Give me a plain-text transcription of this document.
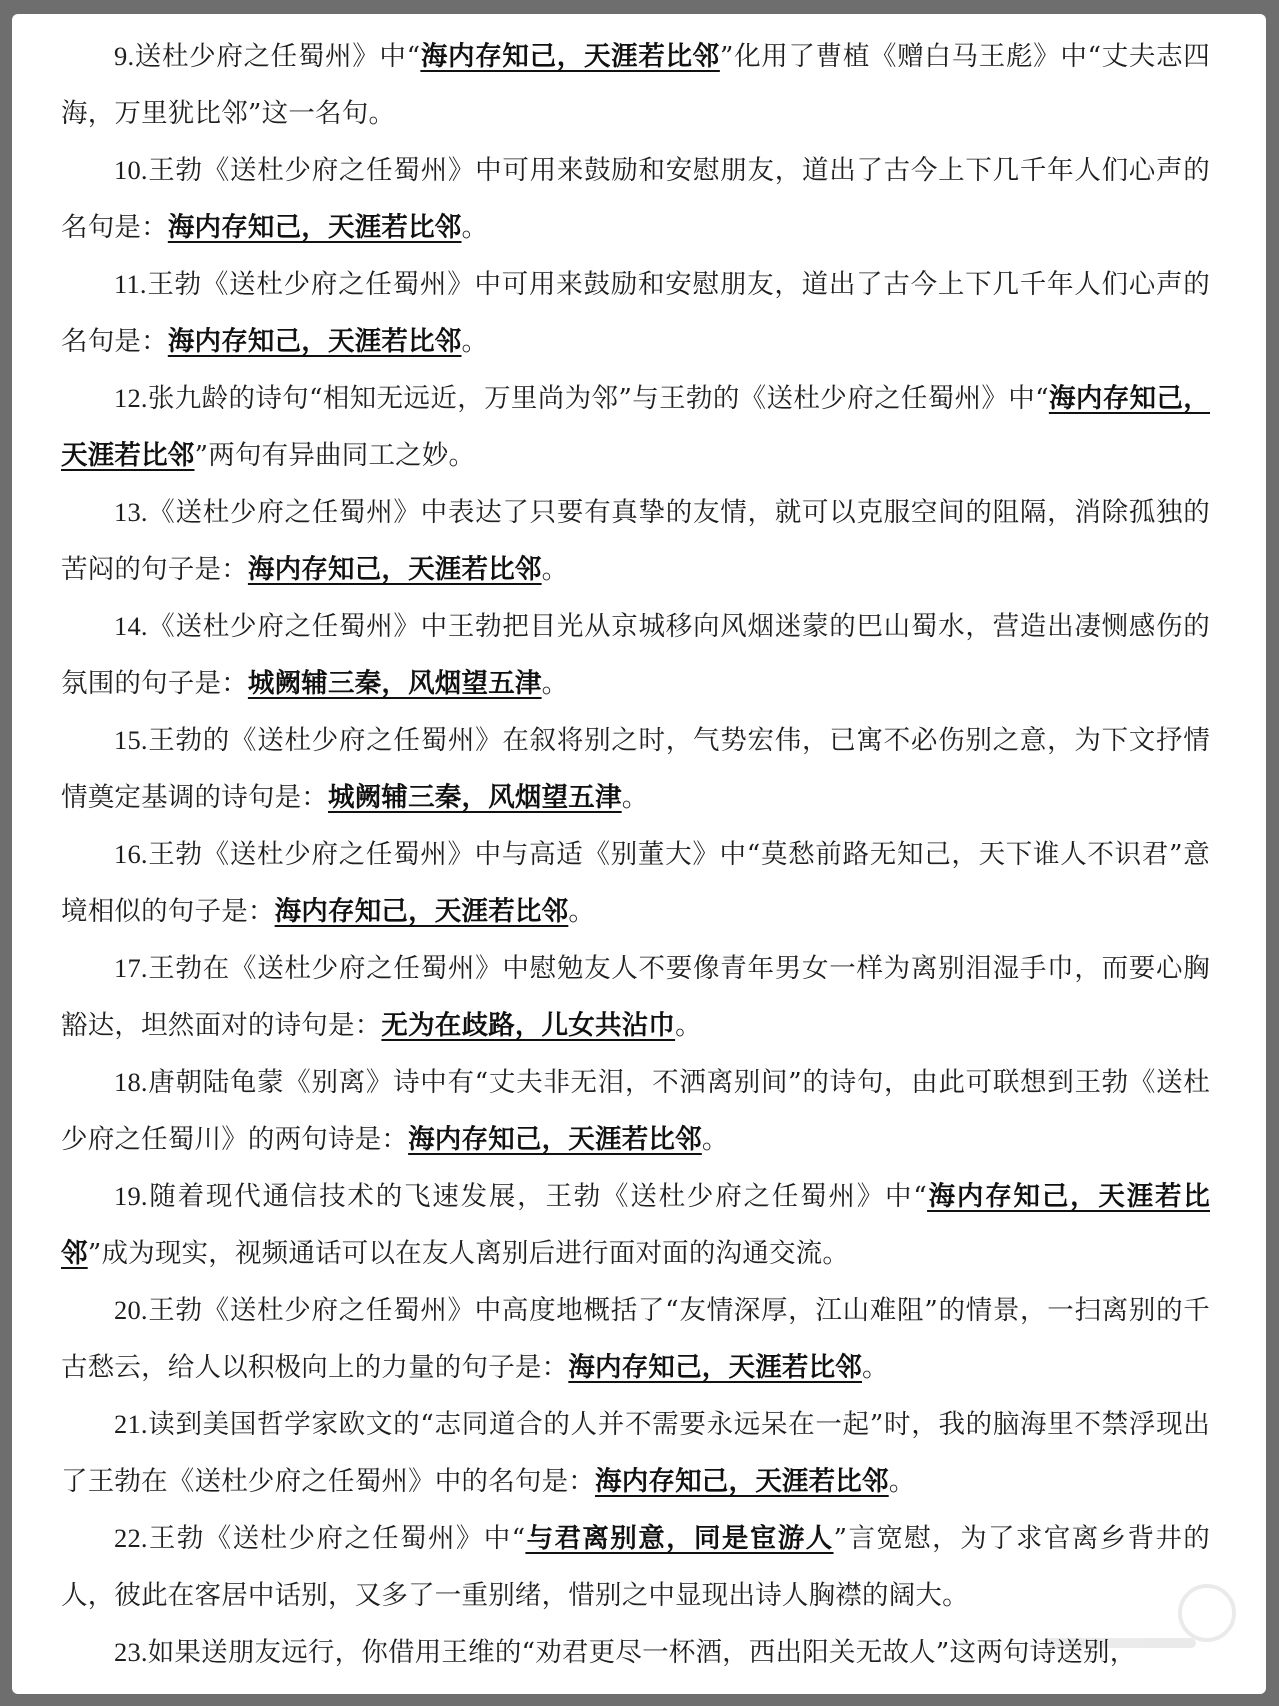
9.送杜少府之任蜀州》中“海内存知己，天涯若比邻”化用了曹植《赠白马王彪》中“丈夫志四海，万里犹比邻”这一名句。

10.王勃《送杜少府之任蜀州》中可用来鼓励和安慰朋友，道出了古今上下几千年人们心声的名句是：海内存知己，天涯若比邻。

11.王勃《送杜少府之任蜀州》中可用来鼓励和安慰朋友，道出了古今上下几千年人们心声的名句是：海内存知己，天涯若比邻。

12.张九龄的诗句“相知无远近，万里尚为邻”与王勃的《送杜少府之任蜀州》中“海内存知己，天涯若比邻”两句有异曲同工之妙。

13.《送杜少府之任蜀州》中表达了只要有真挚的友情，就可以克服空间的阻隔，消除孤独的苦闷的句子是：海内存知己，天涯若比邻。

14.《送杜少府之任蜀州》中王勃把目光从京城移向风烟迷蒙的巴山蜀水，营造出凄恻感伤的氛围的句子是：城阙辅三秦，风烟望五津。

15.王勃的《送杜少府之任蜀州》在叙将别之时，气势宏伟，已寓不必伤别之意，为下文抒情情奠定基调的诗句是：城阙辅三秦，风烟望五津。

16.王勃《送杜少府之任蜀州》中与高适《别董大》中“莫愁前路无知己，天下谁人不识君”意境相似的句子是：海内存知己，天涯若比邻。

17.王勃在《送杜少府之任蜀州》中慰勉友人不要像青年男女一样为离别泪湿手巾，而要心胸豁达，坦然面对的诗句是：无为在歧路，儿女共沾巾。

18.唐朝陆龟蒙《别离》诗中有“丈夫非无泪，不洒离别间”的诗句，由此可联想到王勃《送杜少府之任蜀川》的两句诗是：海内存知己，天涯若比邻。

19.随着现代通信技术的飞速发展，王勃《送杜少府之任蜀州》中“海内存知己，天涯若比邻”成为现实，视频通话可以在友人离别后进行面对面的沟通交流。

20.王勃《送杜少府之任蜀州》中高度地概括了“友情深厚，江山难阻”的情景，一扫离别的千古愁云，给人以积极向上的力量的句子是：海内存知己，天涯若比邻。

21.读到美国哲学家欧文的“志同道合的人并不需要永远呆在一起”时，我的脑海里不禁浮现出了王勃在《送杜少府之任蜀州》中的名句是：海内存知己，天涯若比邻。

22.王勃《送杜少府之任蜀州》中“与君离别意，同是宦游人”言宽慰，为了求官离乡背井的人，彼此在客居中话别，又多了一重别绪，惜别之中显现出诗人胸襟的阔大。

23.如果送朋友远行，你借用王维的“劝君更尽一杯酒，西出阳关无故人”这两句诗送别，
